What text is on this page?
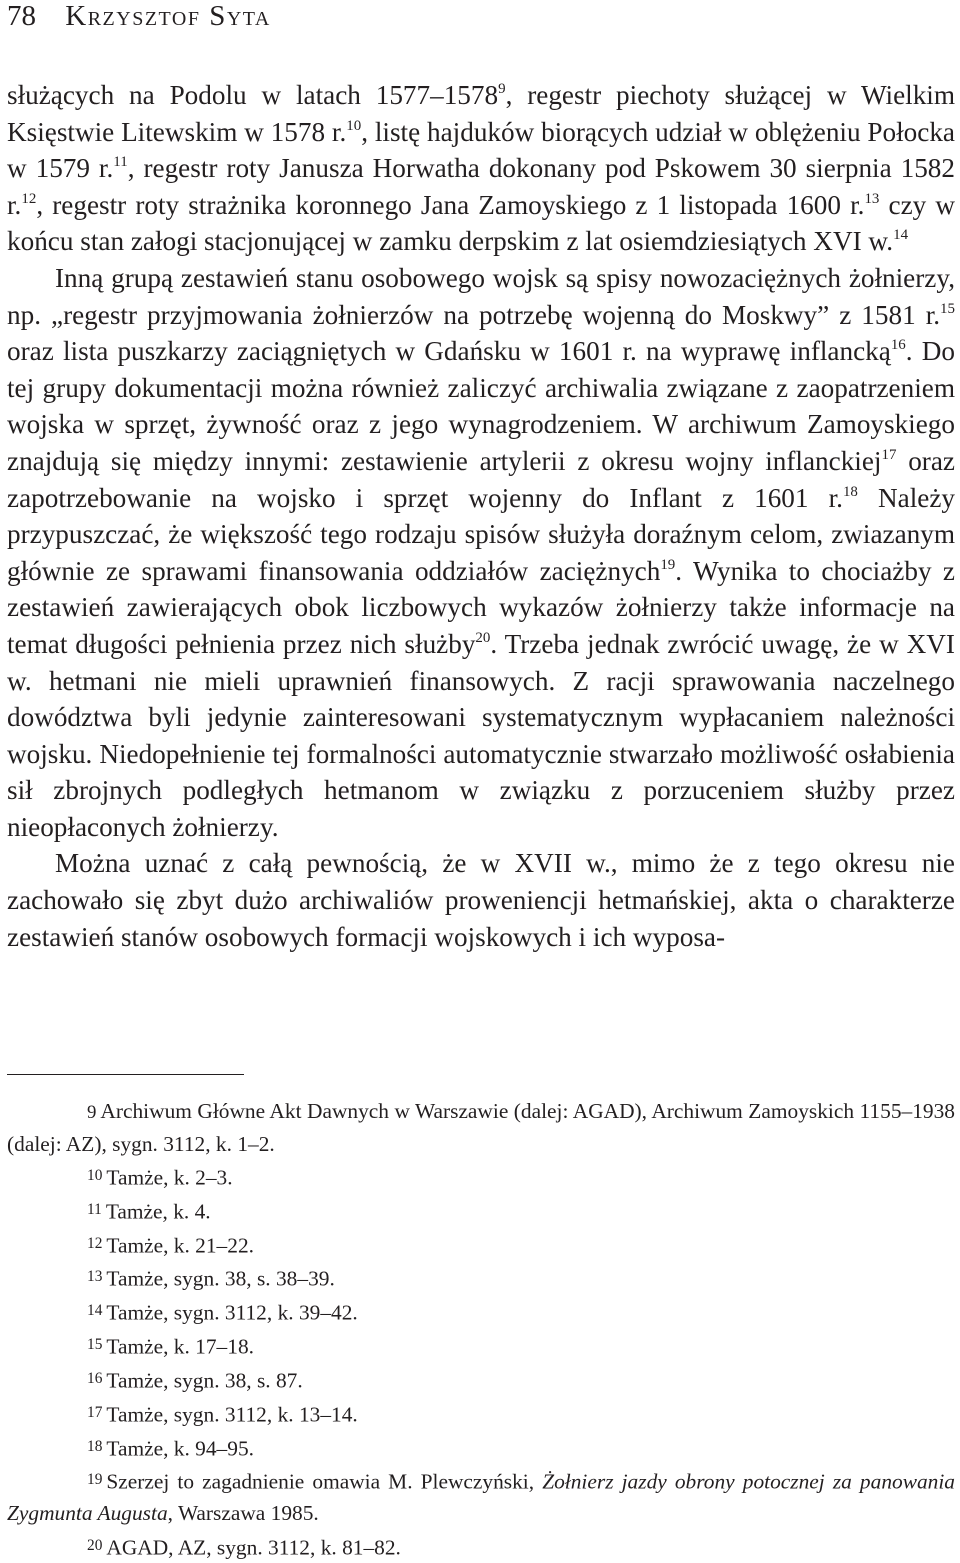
78 Krzysztof Syta

służących na Podolu w latach 1577–1578$^9$, regestr piechoty służącej w Wielkim Księstwie Litewskim w 1578 r.$^{10}$, listę hajduków biorących udział w oblężeniu Połocka w 1579 r.$^{11}$, regestr roty Janusza Horwatha dokonany pod Pskowem 30 sierpnia 1582 r.$^{12}$, regestr roty strażnika koronnego Jana Zamoyskiego z 1 listopada 1600 r.$^{13}$ czy w końcu stan załogi stacjonującej w zamku derpskim z lat osiemdziesiątych XVI w.$^{14}$

Inną grupą zestawień stanu osobowego wojsk są spisy nowozaciężnych żołnierzy, np. „regestr przyjmowania żołnierzów na potrzebę wojenną do Moskwy” z 1581 r.$^{15}$ oraz lista puszkarzy zaciągniętych w Gdańsku w 1601 r. na wyprawę inflancką$^{16}$. Do tej grupy dokumentacji można również zaliczyć archiwalia związane z zaopatrzeniem wojska w sprzęt, żywność oraz z jego wynagrodzeniem. W archiwum Zamoyskiego znajdują się między innymi: zestawienie artylerii z okresu wojny inflanckiej$^{17}$ oraz zapotrzebowanie na wojsko i sprzęt wojenny do Inflant z 1601 r.$^{18}$ Należy przypuszczać, że większość tego rodzaju spisów służyła doraźnym celom, zwiazanym głównie ze sprawami finansowania oddziałów zaciężnych$^{19}$. Wynika to chociażby z zestawień zawierających obok liczbowych wykazów żołnierzy także informacje na temat długości pełnienia przez nich służby$^{20}$. Trzeba jednak zwrócić uwagę, że w XVI w. hetmani nie mieli uprawnień finansowych. Z racji sprawowania naczelnego dowództwa byli jedynie zainteresowani systematycznym wypłacaniem należności wojsku. Niedopełnienie tej formalności automatycznie stwarzało możliwość osłabienia sił zbrojnych podległych hetmanom w związku z porzuceniem służby przez nieopłaconych żołnierzy.

Można uznać z całą pewnością, że w XVII w., mimo że z tego okresu nie zachowało się zbyt dużo archiwaliów proweniencji hetmańskiej, akta o charakterze zestawień stanów osobowych formacji wojskowych i ich wyposa-

9 Archiwum Główne Akt Dawnych w Warszawie (dalej: AGAD), Archiwum Zamoyskich 1155–1938 (dalej: AZ), sygn. 3112, k. 1–2.

10 Tamże, k. 2–3.

11 Tamże, k. 4.

12 Tamże, k. 21–22.

13 Tamże, sygn. 38, s. 38–39.

14 Tamże, sygn. 3112, k. 39–42.

15 Tamże, k. 17–18.

16 Tamże, sygn. 38, s. 87.

17 Tamże, sygn. 3112, k. 13–14.

18 Tamże, k. 94–95.

19 Szerzej to zagadnienie omawia M. Plewczyński, Żołnierz jazdy obrony potocznej za panowania Zygmunta Augusta, Warszawa 1985.

20 AGAD, AZ, sygn. 3112, k. 81–82.
